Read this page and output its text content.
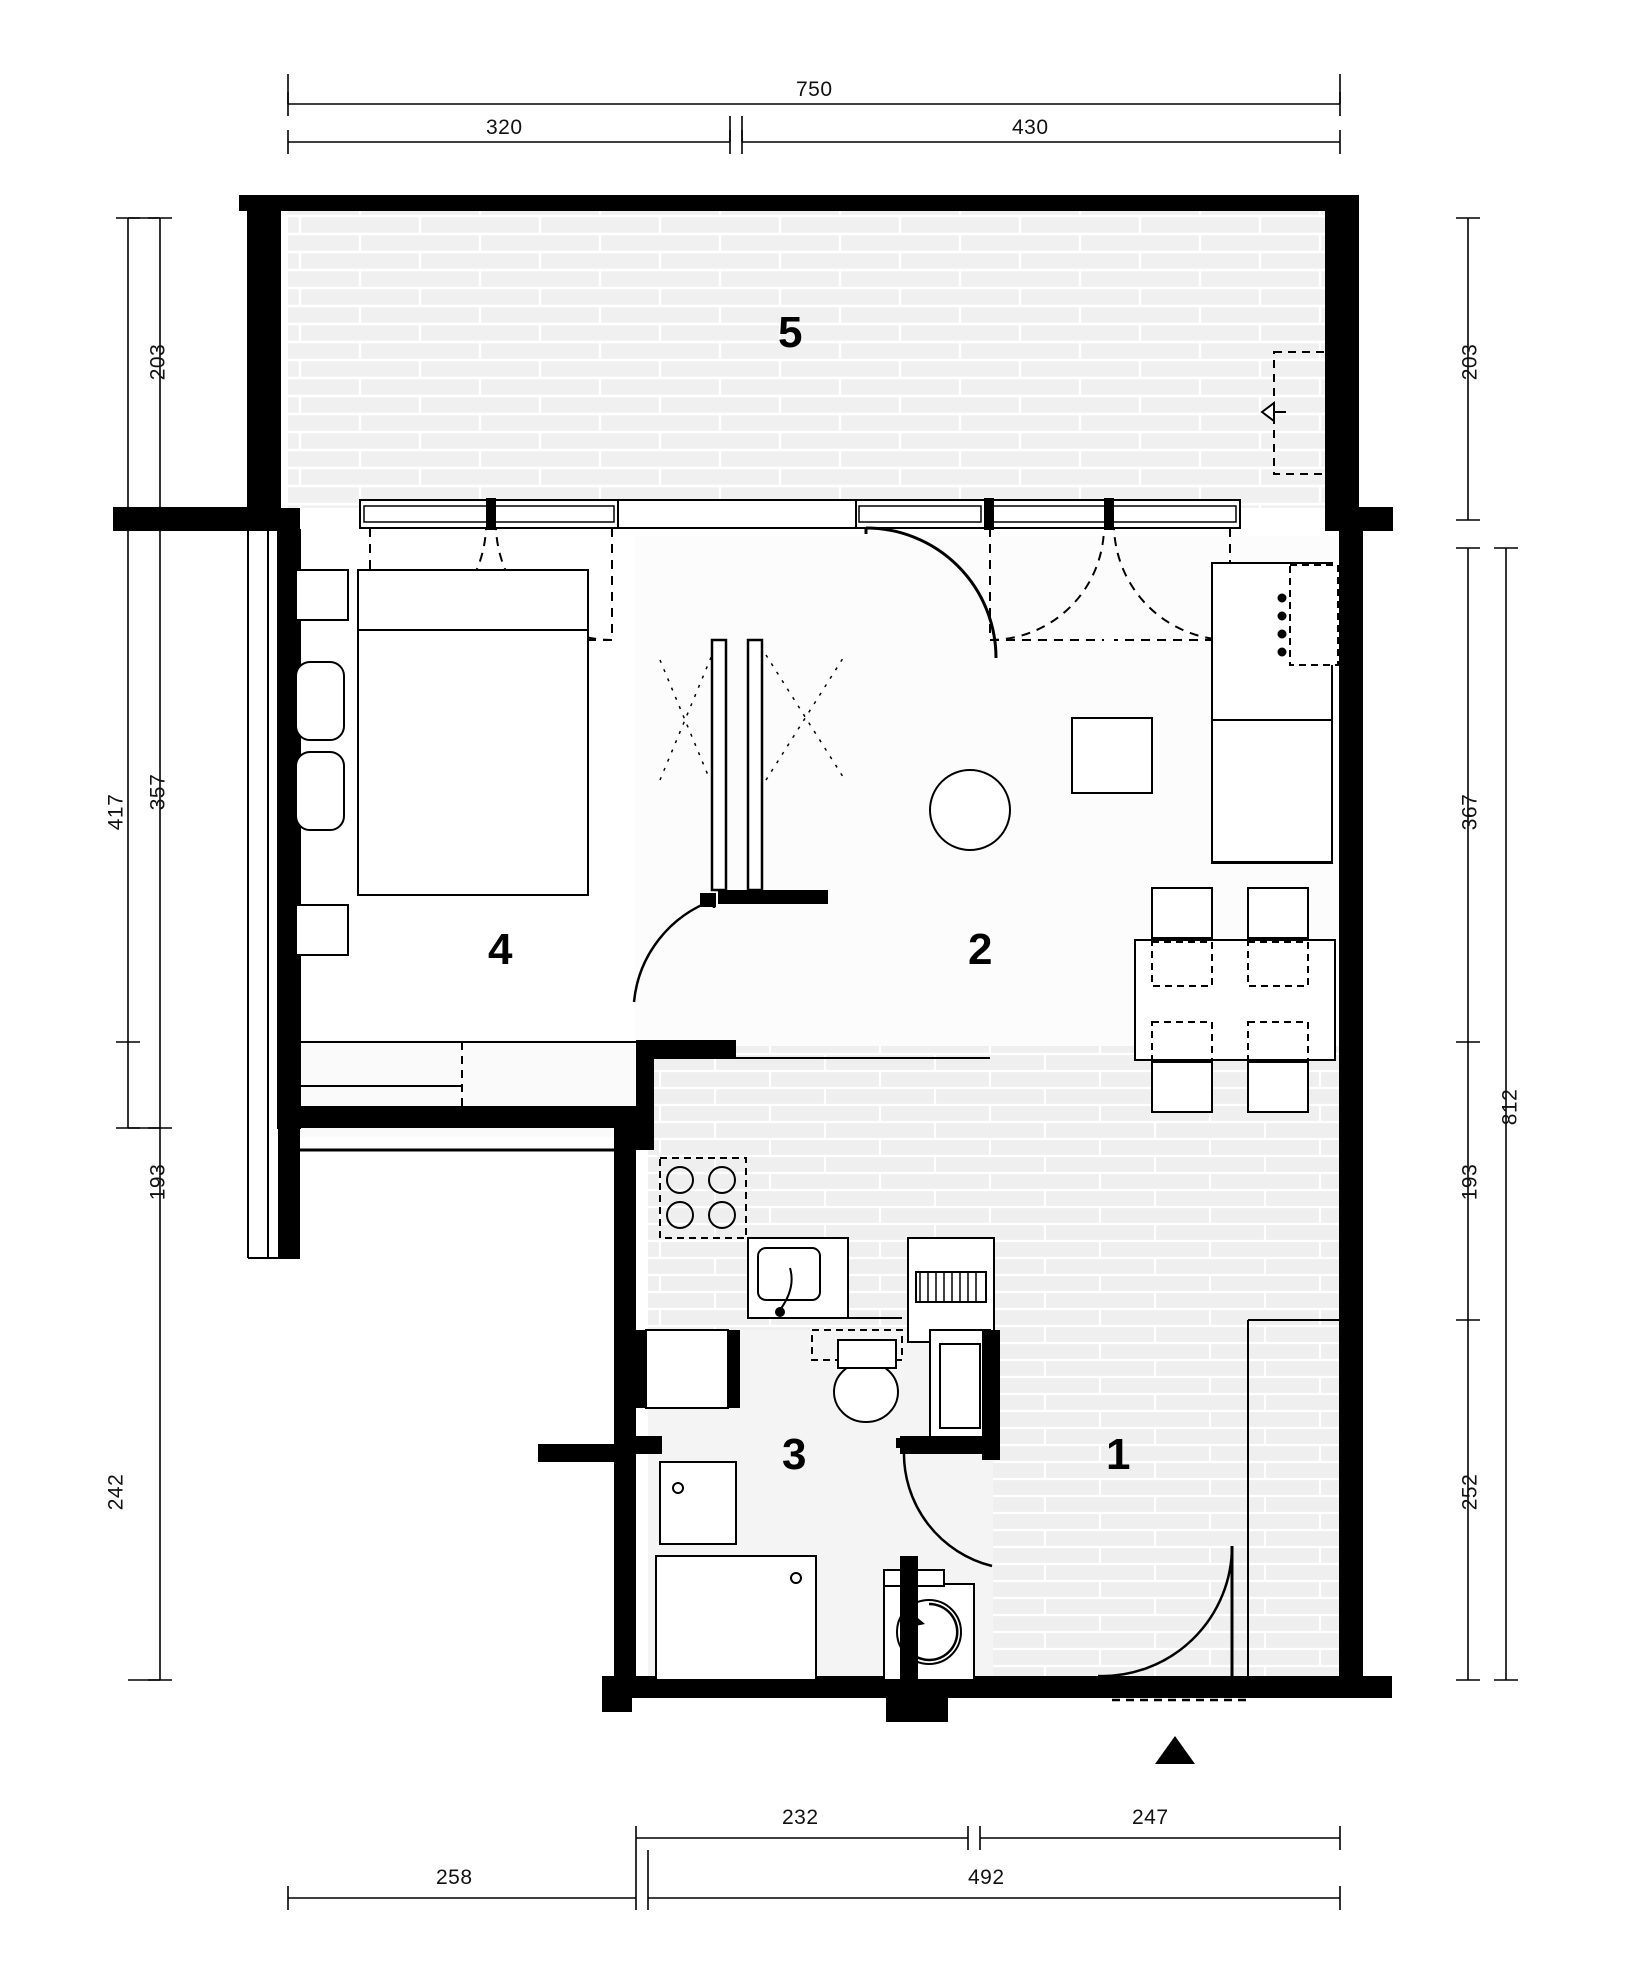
5
2
4
3	1
750
320	430
417
242
203
357
193
203
367
193
252
812
232	247
258	492
